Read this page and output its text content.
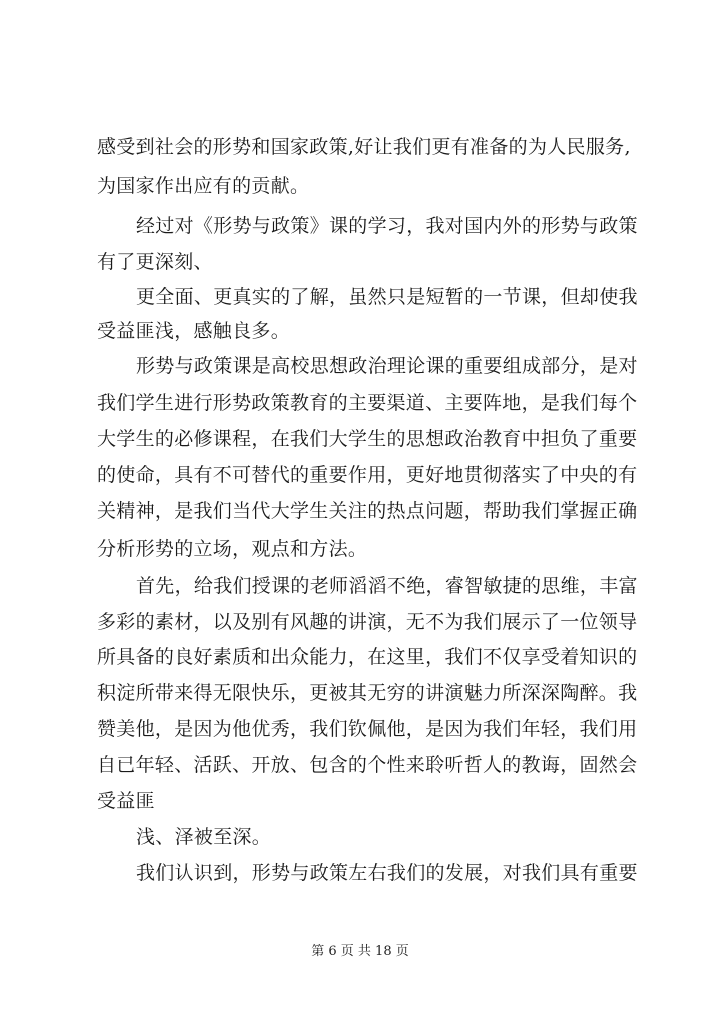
感受到社会的形势和国家政策,好让我们更有准备的为人民服务,
为国家作出应有的贡献。
经过对《形势与政策》课的学习，我对国内外的形势与政策
有了更深刻、
更全面、更真实的了解，虽然只是短暂的一节课，但却使我
受益匪浅，感触良多。
形势与政策课是高校思想政治理论课的重要组成部分，是对
我们学生进行形势政策教育的主要渠道、主要阵地，是我们每个
大学生的必修课程，在我们大学生的思想政治教育中担负了重要
的使命，具有不可替代的重要作用，更好地贯彻落实了中央的有
关精神，是我们当代大学生关注的热点问题，帮助我们掌握正确
分析形势的立场，观点和方法。
首先，给我们授课的老师滔滔不绝，睿智敏捷的思维，丰富
多彩的素材，以及别有风趣的讲演，无不为我们展示了一位领导
所具备的良好素质和出众能力，在这里，我们不仅享受着知识的
积淀所带来得无限快乐，更被其无穷的讲演魅力所深深陶醉。我
赞美他，是因为他优秀，我们钦佩他，是因为我们年轻，我们用
自已年轻、活跃、开放、包含的个性来聆听哲人的教诲，固然会
受益匪
浅、泽被至深。
我们认识到，形势与政策左右我们的发展，对我们具有重要
第 6 页 共 18 页
